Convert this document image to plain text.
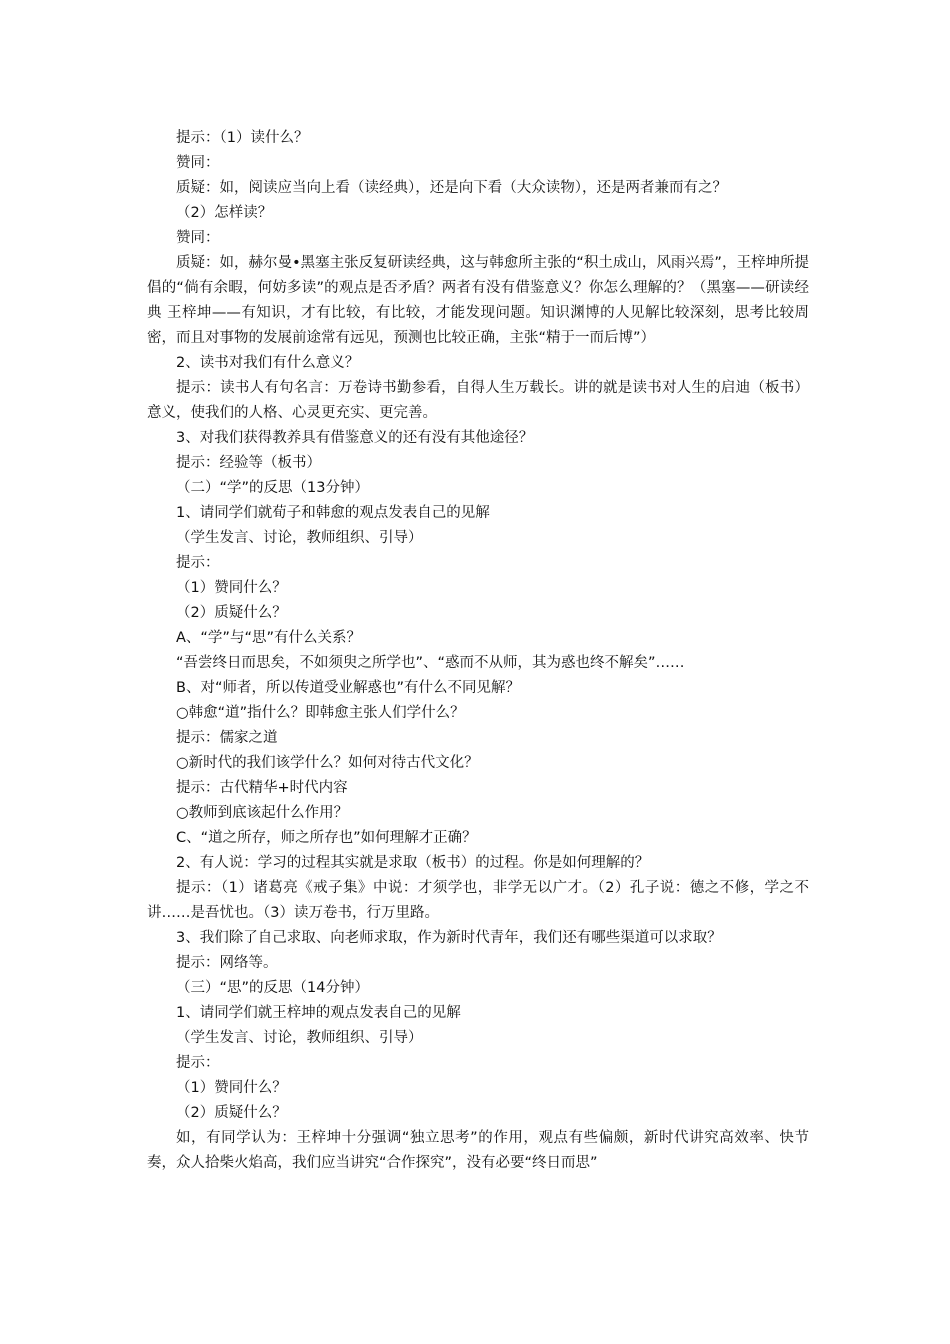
提示：（1）读什么？

赞同：

质疑：如，阅读应当向上看（读经典），还是向下看（大众读物），还是两者兼而有之？

（2）怎样读？

赞同：

质疑：如，赫尔曼•黑塞主张反复研读经典，这与韩愈所主张的“积土成山，风雨兴焉”，王梓坤所提倡的“倘有余暇，何妨多读”的观点是否矛盾？两者有没有借鉴意义？你怎么理解的？（黑塞——研读经典 王梓坤——有知识，才有比较，有比较，才能发现问题。知识渊博的人见解比较深刻，思考比较周密，而且对事物的发展前途常有远见，预测也比较正确，主张“精于一而后博”）

2、读书对我们有什么意义？

提示：读书人有句名言：万卷诗书勤参看，自得人生万载长。讲的就是读书对人生的启迪（板书）意义，使我们的人格、心灵更充实、更完善。

3、对我们获得教养具有借鉴意义的还有没有其他途径？

提示：经验等（板书）

（二）“学”的反思（13分钟）

1、请同学们就荀子和韩愈的观点发表自己的见解

（学生发言、讨论，教师组织、引导）

提示：

（1）赞同什么？

（2）质疑什么？

A、“学”与“思”有什么关系？

“吾尝终日而思矣，不如须臾之所学也”、“惑而不从师，其为惑也终不解矣”……

B、对“师者，所以传道受业解惑也”有什么不同见解？

○韩愈“道”指什么？即韩愈主张人们学什么？

提示：儒家之道

○新时代的我们该学什么？如何对待古代文化？

提示：古代精华+时代内容

○教师到底该起什么作用？

C、“道之所存，师之所存也”如何理解才正确？

2、有人说：学习的过程其实就是求取（板书）的过程。你是如何理解的？

提示：（1）诸葛亮《戒子集》中说：才须学也，非学无以广才。（2）孔子说：德之不修，学之不讲……是吾忧也。（3）读万卷书，行万里路。

3、我们除了自己求取、向老师求取，作为新时代青年，我们还有哪些渠道可以求取？

提示：网络等。

（三）“思”的反思（14分钟）

1、请同学们就王梓坤的观点发表自己的见解

（学生发言、讨论，教师组织、引导）

提示：

（1）赞同什么？

（2）质疑什么？

如，有同学认为：王梓坤十分强调“独立思考”的作用，观点有些偏颇，新时代讲究高效率、快节奏，众人拾柴火焰高，我们应当讲究“合作探究”，没有必要“终日而思”
